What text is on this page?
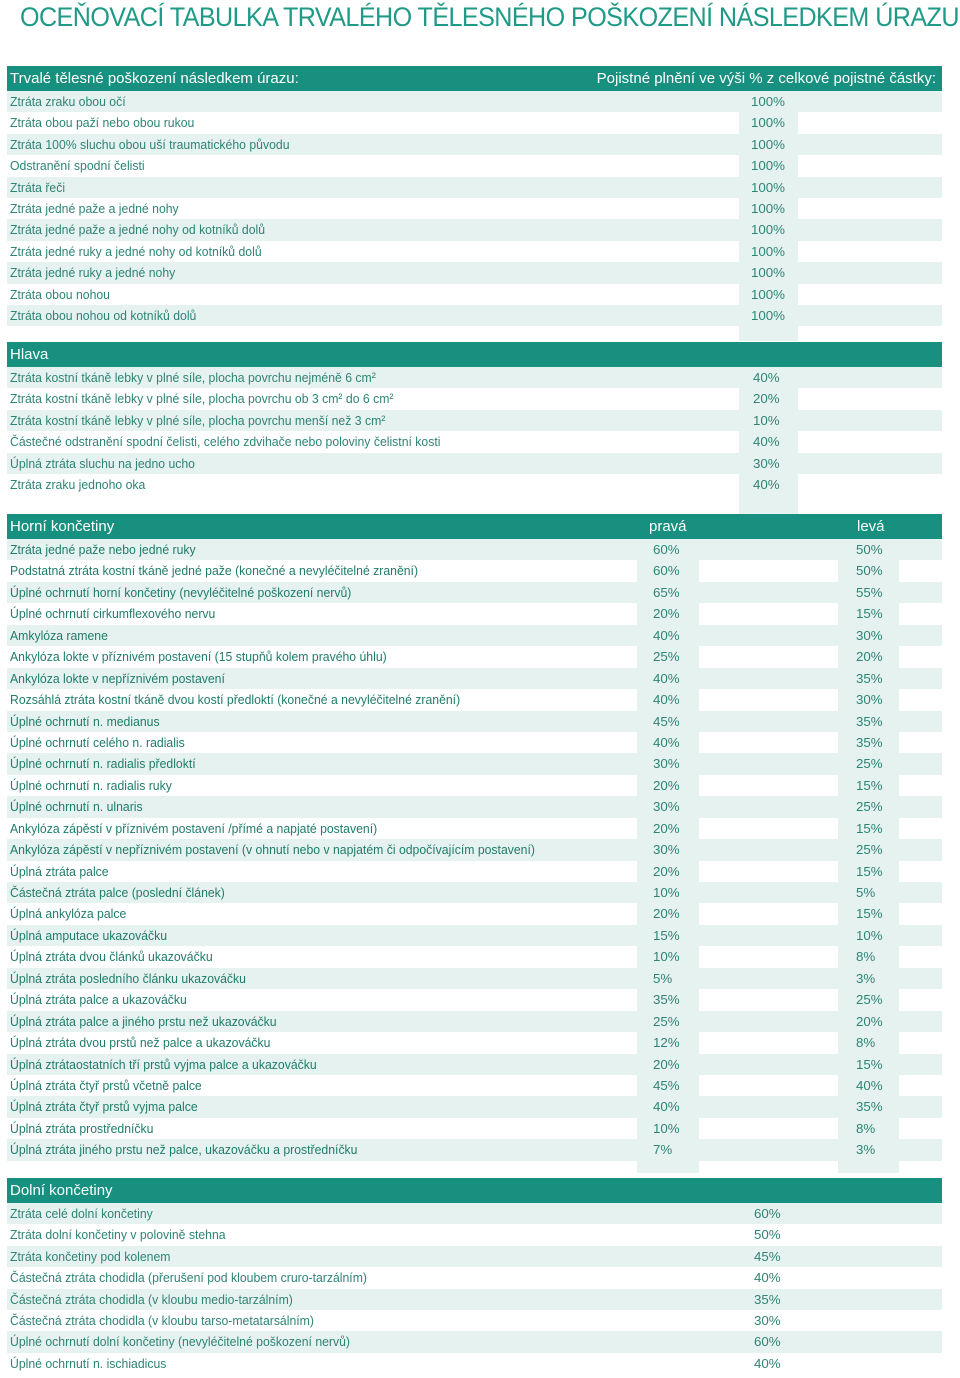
OCEŇOVACÍ TABULKA TRVALÉHO TĚLESNÉHO POŠKOZENÍ NÁSLEDKEM ÚRAZU
Trvalé tělesné poškození následkem úrazu:	Pojistné plnění ve výši % z celkové pojistné částky:
Ztráta zraku obou očí	100%
Ztráta obou paží nebo obou rukou	100%
Ztráta 100% sluchu obou uší traumatického původu	100%
Odstranění spodní čelisti	100%
Ztráta řeči	100%
Ztráta jedné paže a jedné nohy	100%
Ztráta jedné paže a jedné nohy od kotníků dolů	100%
Ztráta jedné ruky a jedné nohy od kotníků dolů	100%
Ztráta jedné ruky a jedné nohy	100%
Ztráta obou nohou	100%
Ztráta obou nohou od kotníků dolů	100%
Hlava
Ztráta kostní tkáně lebky v plné síle, plocha povrchu nejméně 6 cm²	40%
Ztráta kostní tkáně lebky v plné síle, plocha povrchu ob 3 cm² do 6 cm²	20%
Ztráta kostní tkáně lebky v plné síle, plocha povrchu menší než 3 cm²	10%
Částečné odstranění spodní čelisti, celého zdvihače nebo poloviny čelistní kosti	40%
Úplná ztráta sluchu na jedno ucho	30%
Ztráta zraku jednoho oka	40%
Horní končetiny	pravá	levá
Ztráta jedné paže nebo jedné ruky	60%	50%
Podstatná ztráta kostní tkáně jedné paže (konečné a nevyléčitelné zranění)	60%	50%
Úplné ochrnutí horní končetiny (nevyléčitelné poškození nervů)	65%	55%
Úplné ochrnutí cirkumflexového nervu	20%	15%
Amkylóza ramene	40%	30%
Ankylóza lokte v příznivém postavení (15 stupňů kolem pravého úhlu)	25%	20%
Ankylóza lokte v nepříznivém postavení	40%	35%
Rozsáhlá ztráta kostní tkáně dvou kostí předloktí (konečné a nevyléčitelné zranění)	40%	30%
Úplné ochrnutí n. medianus	45%	35%
Úplné ochrnutí celého n. radialis	40%	35%
Úplné ochrnutí n. radialis předloktí	30%	25%
Úplné ochrnutí n. radialis ruky	20%	15%
Úplné ochrnutí n. ulnaris	30%	25%
Ankylóza zápěstí v příznivém postavení /přímé a napjaté postavení)	20%	15%
Ankylóza zápěstí v nepříznivém postavení (v ohnutí nebo v napjatém či odpočívajícím postavení)	30%	25%
Úplná ztráta palce	20%	15%
Částečná ztráta palce (poslední článek)	10%	5%
Úplná ankylóza palce	20%	15%
Úplná amputace ukazováčku	15%	10%
Úplná ztráta dvou článků ukazováčku	10%	8%
Úplná ztráta posledního článku ukazováčku	5%	3%
Úplná ztráta palce a ukazováčku	35%	25%
Úplná ztráta palce a jiného prstu než ukazováčku	25%	20%
Úplná ztráta dvou prstů než palce a ukazováčku	12%	8%
Úplná ztrátaostatních tří prstů vyjma palce a ukazováčku	20%	15%
Úplná ztráta čtyř prstů včetně palce	45%	40%
Úplná ztráta čtyř prstů vyjma palce	40%	35%
Úplná ztráta prostředníčku	10%	8%
Úplná ztráta jiného prstu než palce, ukazováčku a prostředníčku	7%	3%
Dolní končetiny
Ztráta celé dolní končetiny	60%
Ztráta dolní končetiny v polovině stehna	50%
Ztráta končetiny pod kolenem	45%
Částečná ztráta chodidla (přerušení pod kloubem cruro-tarzálním)	40%
Částečná ztráta chodidla (v kloubu medio-tarzálním)	35%
Částečná ztráta chodidla (v kloubu tarso-metatarsálním)	30%
Úplné ochrnutí dolní končetiny (nevyléčitelné poškození nervů)	60%
Úplné ochrnutí n. ischiadicus	40%
